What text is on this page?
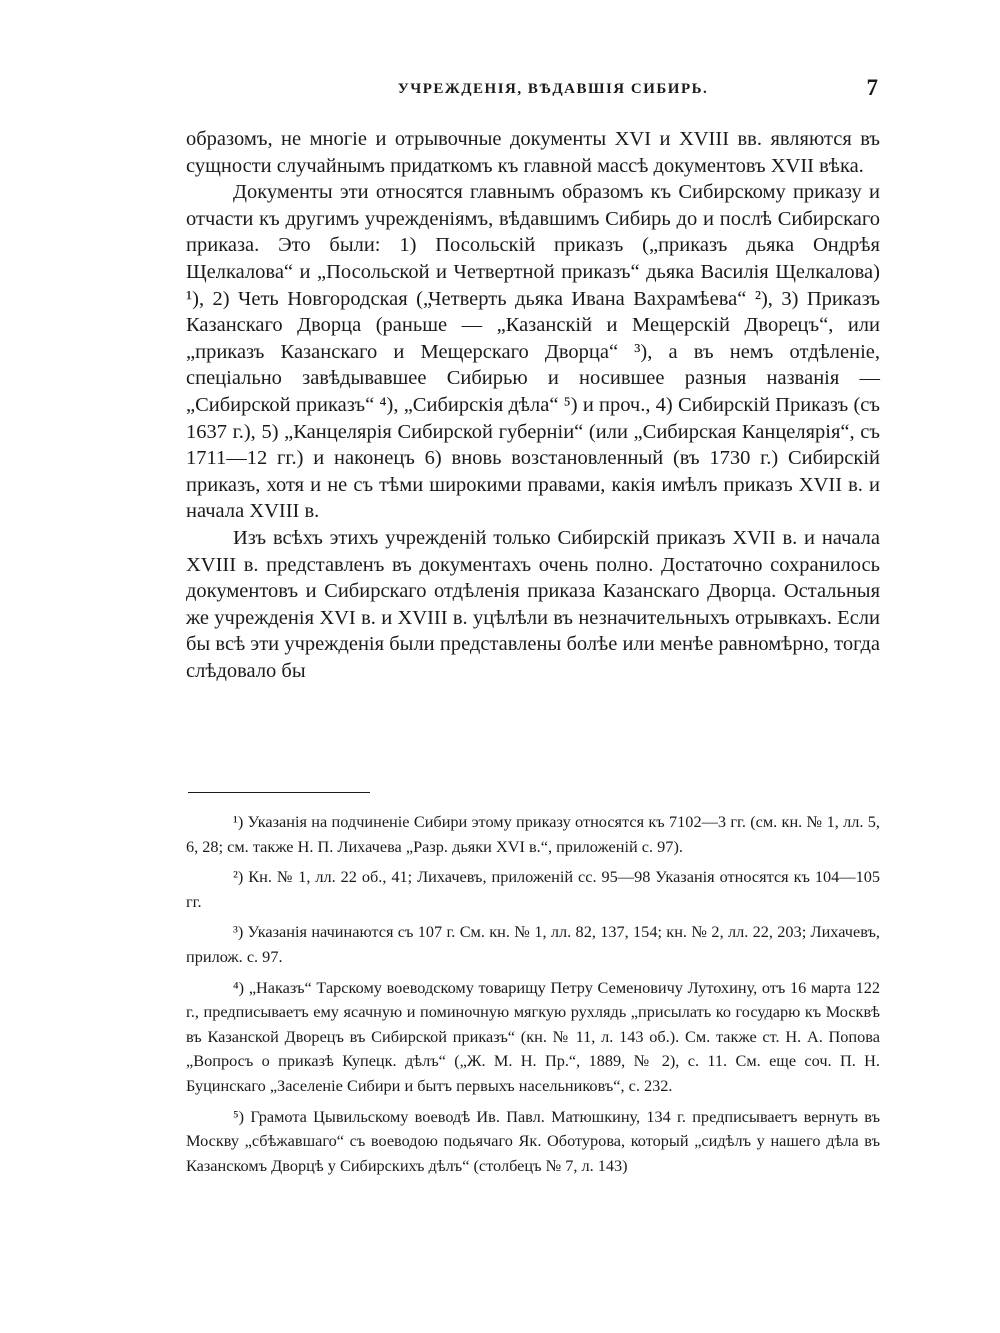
УЧРЕЖДЕНІЯ, ВѢДАВШІЯ СИБИРЬ.	7

образомъ, не многіе и отрывочные документы XVI и XVIII вв. являются въ сущности случайнымъ придаткомъ къ главной массѣ документовъ XVII вѣка.

Документы эти относятся главнымъ образомъ къ Сибирскому приказу и отчасти къ другимъ учрежденіямъ, вѣдавшимъ Сибирь до и послѣ Сибирскаго приказа. Это были: 1) Посольскій приказъ („приказъ дьяка Ондрѣя Щелкалова“ и „Посольской и Четвертной приказъ“ дьяка Василія Щелкалова) ¹), 2) Четь Новгородская („Четверть дьяка Ивана Вахрамѣева“ ²), 3) Приказъ Казанскаго Дворца (раньше — „Казанскій и Мещерскій Дворецъ“, или „приказъ Казанскаго и Мещерскаго Дворца“ ³), а въ немъ отдѣленіе, спеціально завѣдывавшее Сибирью и носившее разныя названія — „Сибирской приказъ“ ⁴), „Сибирскія дѣла“ ⁵) и проч., 4) Сибирскій Приказъ (съ 1637 г.), 5) „Канцелярія Сибирской губерніи“ (или „Сибирская Канцелярія“, съ 1711—12 гг.) и наконецъ 6) вновь возстановленный (въ 1730 г.) Сибирскій приказъ, хотя и не съ тѣми широкими правами, какія имѣлъ приказъ XVII в. и начала XVIII в.

Изъ всѣхъ этихъ учрежденій только Сибирскій приказъ XVII в. и начала XVIII в. представленъ въ документахъ очень полно. Достаточно сохранилось документовъ и Сибирскаго отдѣленія приказа Казанскаго Дворца. Остальныя же учрежденія XVI в. и XVIII в. уцѣлѣли въ незначительныхъ отрывкахъ. Если бы всѣ эти учрежденія были представлены болѣе или менѣе равномѣрно, тогда слѣдовало бы

¹) Указанія на подчиненіе Сибири этому приказу относятся къ 7102—3 гг. (см. кн. № 1, лл. 5, 6, 28; см. также Н. П. Лихачева „Разр. дьяки XVI в.“, приложеній с. 97).

²) Кн. № 1, лл. 22 об., 41; Лихачевъ, приложеній сс. 95—98 Указанія относятся къ 104—105 гг.

³) Указанія начинаются съ 107 г. См. кн. № 1, лл. 82, 137, 154; кн. № 2, лл. 22, 203; Лихачевъ, прилож. с. 97.

⁴) „Наказъ“ Тарскому воеводскому товарищу Петру Семеновичу Лутохину, отъ 16 марта 122 г., предписываетъ ему ясачную и поминочную мягкую рухлядь „присылать ко государю къ Москвѣ въ Казанской Дворецъ въ Сибирской приказъ“ (кн. № 11, л. 143 об.). См. также ст. Н. А. Попова „Вопросъ о приказѣ Купецк. дѣлъ“ („Ж. М. Н. Пр.“, 1889, № 2), с. 11. См. еще соч. П. Н. Буцинскаго „Заселеніе Сибири и бытъ первыхъ насельниковъ“, с. 232.

⁵) Грамота Цывильскому воеводѣ Ив. Павл. Матюшкину, 134 г. предписываетъ вернуть въ Москву „сбѣжавшаго“ съ воеводою подьячаго Як. Оботурова, который „сидѣлъ у нашего дѣла въ Казанскомъ Дворцѣ у Сибирскихъ дѣлъ“ (столбецъ № 7, л. 143)
